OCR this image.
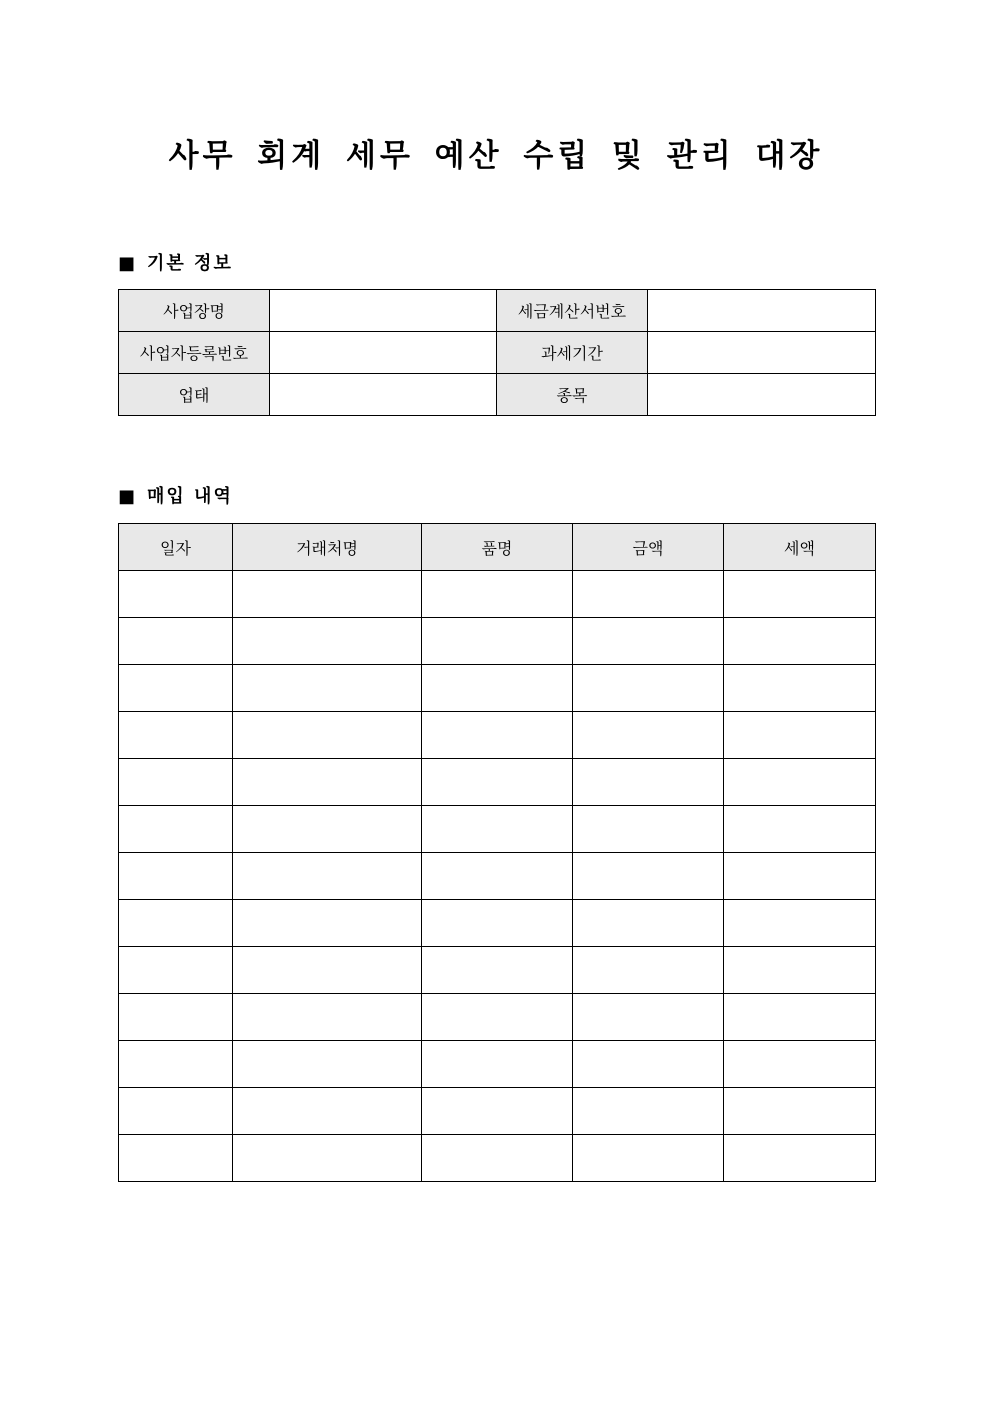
사무 회계 세무 예산 수립 및 관리 대장
■ 기본 정보
사업장명		세금계산서번호	
사업자등록번호		과세기간	
업태		종목	
■ 매입 내역
일자	거래처명	품명	금액	세액
